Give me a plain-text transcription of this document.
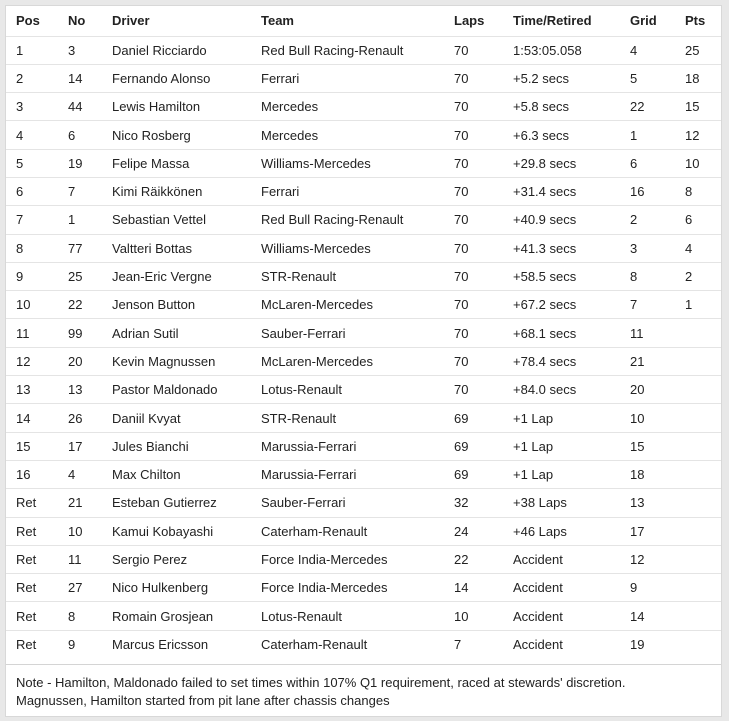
Pos	No	Driver	Team	Laps	Time/Retired	Grid	Pts
1	3	Daniel Ricciardo	Red Bull Racing-Renault	70	1:53:05.058	4	25
2	14	Fernando Alonso	Ferrari	70	+5.2 secs	5	18
3	44	Lewis Hamilton	Mercedes	70	+5.8 secs	22	15
4	6	Nico Rosberg	Mercedes	70	+6.3 secs	1	12
5	19	Felipe Massa	Williams-Mercedes	70	+29.8 secs	6	10
6	7	Kimi Räikkönen	Ferrari	70	+31.4 secs	16	8
7	1	Sebastian Vettel	Red Bull Racing-Renault	70	+40.9 secs	2	6
8	77	Valtteri Bottas	Williams-Mercedes	70	+41.3 secs	3	4
9	25	Jean-Eric Vergne	STR-Renault	70	+58.5 secs	8	2
10	22	Jenson Button	McLaren-Mercedes	70	+67.2 secs	7	1
11	99	Adrian Sutil	Sauber-Ferrari	70	+68.1 secs	11	
12	20	Kevin Magnussen	McLaren-Mercedes	70	+78.4 secs	21	
13	13	Pastor Maldonado	Lotus-Renault	70	+84.0 secs	20	
14	26	Daniil Kvyat	STR-Renault	69	+1 Lap	10	
15	17	Jules Bianchi	Marussia-Ferrari	69	+1 Lap	15	
16	4	Max Chilton	Marussia-Ferrari	69	+1 Lap	18	
Ret	21	Esteban Gutierrez	Sauber-Ferrari	32	+38 Laps	13	
Ret	10	Kamui Kobayashi	Caterham-Renault	24	+46 Laps	17	
Ret	11	Sergio Perez	Force India-Mercedes	22	Accident	12	
Ret	27	Nico Hulkenberg	Force India-Mercedes	14	Accident	9	
Ret	8	Romain Grosjean	Lotus-Renault	10	Accident	14	
Ret	9	Marcus Ericsson	Caterham-Renault	7	Accident	19	

Note - Hamilton, Maldonado failed to set times within 107% Q1 requirement, raced at stewards' discretion.

Magnussen, Hamilton started from pit lane after chassis changes
